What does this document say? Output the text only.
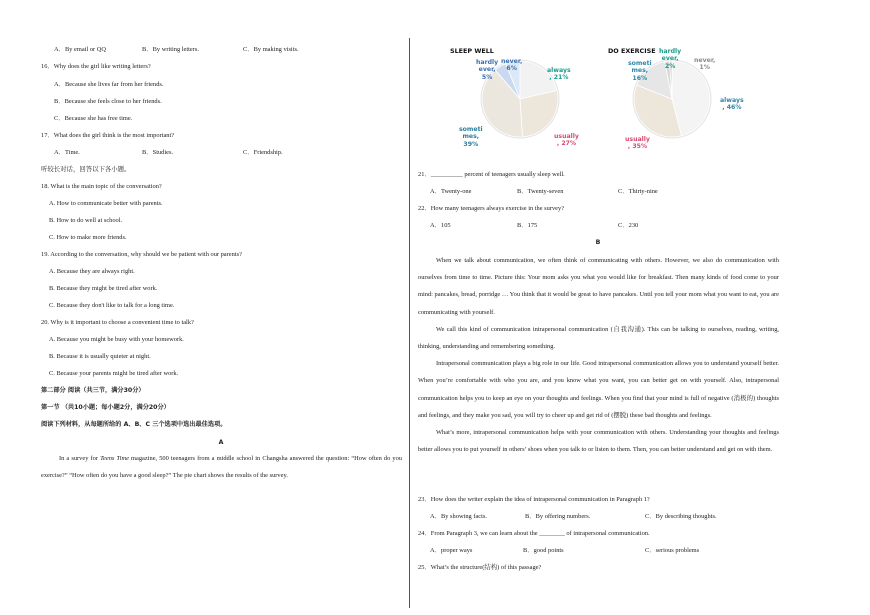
A．By email or QQ	B．By writing letters.	C．By making visits.
16．Why does the girl like writing letters?
A．Because she lives far from her friends.
B．Because she feels close to her friends.
C．Because she has free time.
17．What does the girl think is the most important?
A．Time.	B．Studies.	C．Friendship.
听较长对话，回答以下各小题。
18. What is the main topic of the conversation?
A. How to communicate better with parents.
B. How to do well at school.
C. How to make more friends.
19. According to the conversation, why should we be patient with our parents?
A. Because they are always right.
B. Because they might be tired after work.
C. Because they don't like to talk for a long time.
20. Why is it important to choose a convenient time to talk?
A. Because you might be busy with your homework.
B. Because it is usually quieter at night.
C. Because your parents might be tired after work.
第二部分 阅读（共三节，满分30分）
第一节 （共10小题；每小题2分，满分20分）
阅读下列材料，从每题所给的 A、B、C 三个选项中选出最佳选项。
A

In a survey for Teens Time magazine, 500 teenagers from a middle school in Changsha answered the question: “How often do you exercise?” “How often do you have a good sleep?” The pie chart shows the results of the survey.

SLEEP WELL
never,
6%
hardly
ever,
5%
always
, 21%
usually
, 27%
someti
mes,
39%
DO EXERCISE hardly
ever,
2%
never,
1%
someti
mes,
16%
always
, 46%
usually
, 35%
21．__________ percent of teenagers usually sleep well.
A．Twenty-one	B．Twenty-seven	C．Thirty-nine
22．How many teenagers always exercise in the survey?
A．105	B．175	C．230
B

When we talk about communication, we often think of communicating with others. However, we also do communication with ourselves from time to time. Picture this: Your mom asks you what you would like for breakfast. Then many kinds of food come to your mind: pancakes, bread, porridge … You think that it would be great to have pancakes. Until you tell your mom what you want to eat, you are communicating with yourself.

We call this kind of communication intrapersonal communication (自我沟通). This can be talking to ourselves, reading, writing, thinking, understanding and remembering something.

Intrapersonal communication plays a big role in our life. Good intrapersonal communication allows you to understand yourself better. When you’re comfortable with who you are, and you know what you want, you can better get on with yourself. Also, intrapersonal communication helps you to keep an eye on your thoughts and feelings. When you find that your mind is full of negative (消极的) thoughts and feelings, and they make you sad, you will try to cheer up and get rid of (摆脱) these bad thoughts and feelings.

What’s more, intrapersonal communication helps with your communication with others. Understanding your thoughts and feelings better allows you to put yourself in others’ shoes when you talk to or listen to them. Then, you can better understand and get on with them.

23．How does the writer explain the idea of intrapersonal communication in Paragraph 1?
A．By showing facts.	B．By offering numbers.	C．By describing thoughts.
24．From Paragraph 3, we can learn about the ________ of intrapersonal communication.
A．proper ways	B．good points	C．serious problems
25．What’s the structure(结构) of this passage?
